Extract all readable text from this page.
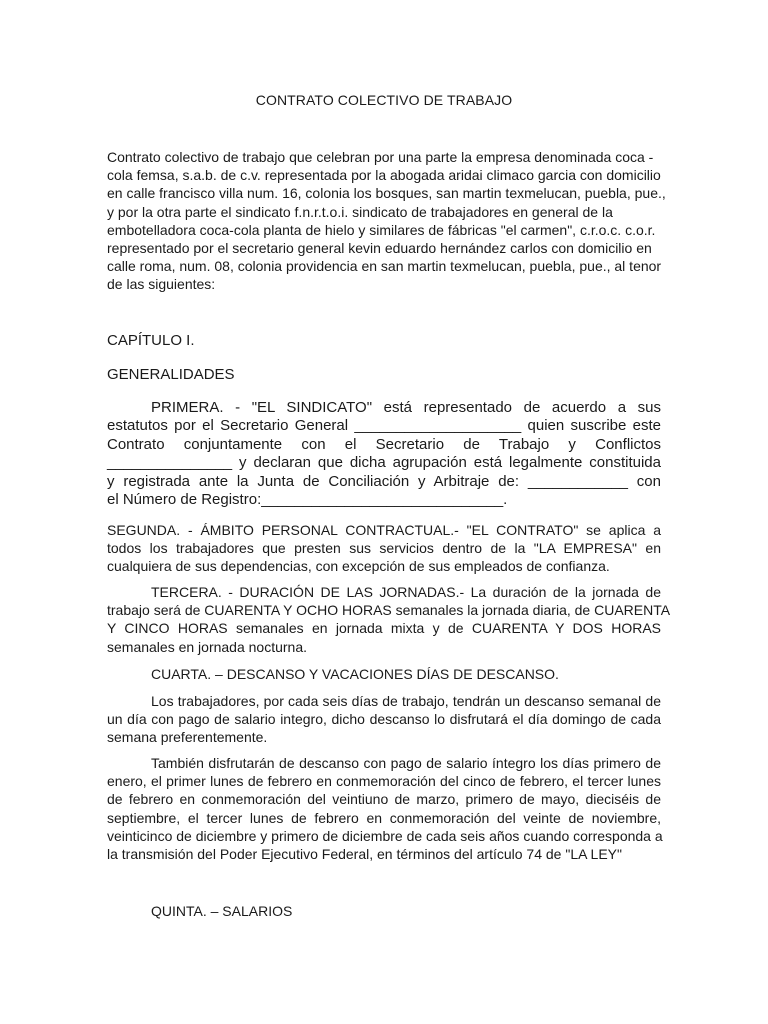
CONTRATO COLECTIVO DE TRABAJO

Contrato colectivo de trabajo que celebran por una parte la empresa denominada coca -
cola femsa, s.a.b. de c.v. representada por la abogada aridai climaco garcia con domicilio
en calle francisco villa num. 16, colonia los bosques, san martin texmelucan, puebla, pue.,
y por la otra parte el sindicato f.n.r.t.o.i. sindicato de trabajadores en general de la
embotelladora coca-cola planta de hielo y similares de fábricas "el carmen", c.r.o.c. c.o.r.
representado por el secretario general kevin eduardo hernández carlos con domicilio en
calle roma, num. 08, colonia providencia en san martin texmelucan, puebla, pue., al tenor
de las siguientes:

CAPÍTULO I.
GENERALIDADES

PRIMERA. - "EL SINDICATO" está representado de acuerdo a sus
estatutos por el Secretario General ____________________ quien suscribe este
Contrato conjuntamente con el Secretario de Trabajo y Conflictos
_______________ y declaran que dicha agrupación está legalmente constituida
y registrada ante la Junta de Conciliación y Arbitraje de: ____________ con
el Número de Registro:_____________________________.

SEGUNDA. - ÁMBITO PERSONAL CONTRACTUAL.- "EL CONTRATO" se aplica a
todos los trabajadores que presten sus servicios dentro de la "LA EMPRESA" en
cualquiera de sus dependencias, con excepción de sus empleados de confianza.

TERCERA. - DURACIÓN DE LAS JORNADAS.- La duración de la jornada de
trabajo será de CUARENTA Y OCHO HORAS semanales la jornada diaria, de CUARENTA
Y CINCO HORAS semanales en jornada mixta y de CUARENTA Y DOS HORAS
semanales en jornada nocturna.

CUARTA. – DESCANSO Y VACACIONES DÍAS DE DESCANSO.

Los trabajadores, por cada seis días de trabajo, tendrán un descanso semanal de
un día con pago de salario integro, dicho descanso lo disfrutará el día domingo de cada
semana preferentemente.

También disfrutarán de descanso con pago de salario íntegro los días primero de
enero, el primer lunes de febrero en conmemoración del cinco de febrero, el tercer lunes
de febrero en conmemoración del veintiuno de marzo, primero de mayo, dieciséis de
septiembre, el tercer lunes de febrero en conmemoración del veinte de noviembre,
veinticinco de diciembre y primero de diciembre de cada seis años cuando corresponda a
la transmisión del Poder Ejecutivo Federal, en términos del artículo 74 de "LA LEY"

QUINTA. – SALARIOS
